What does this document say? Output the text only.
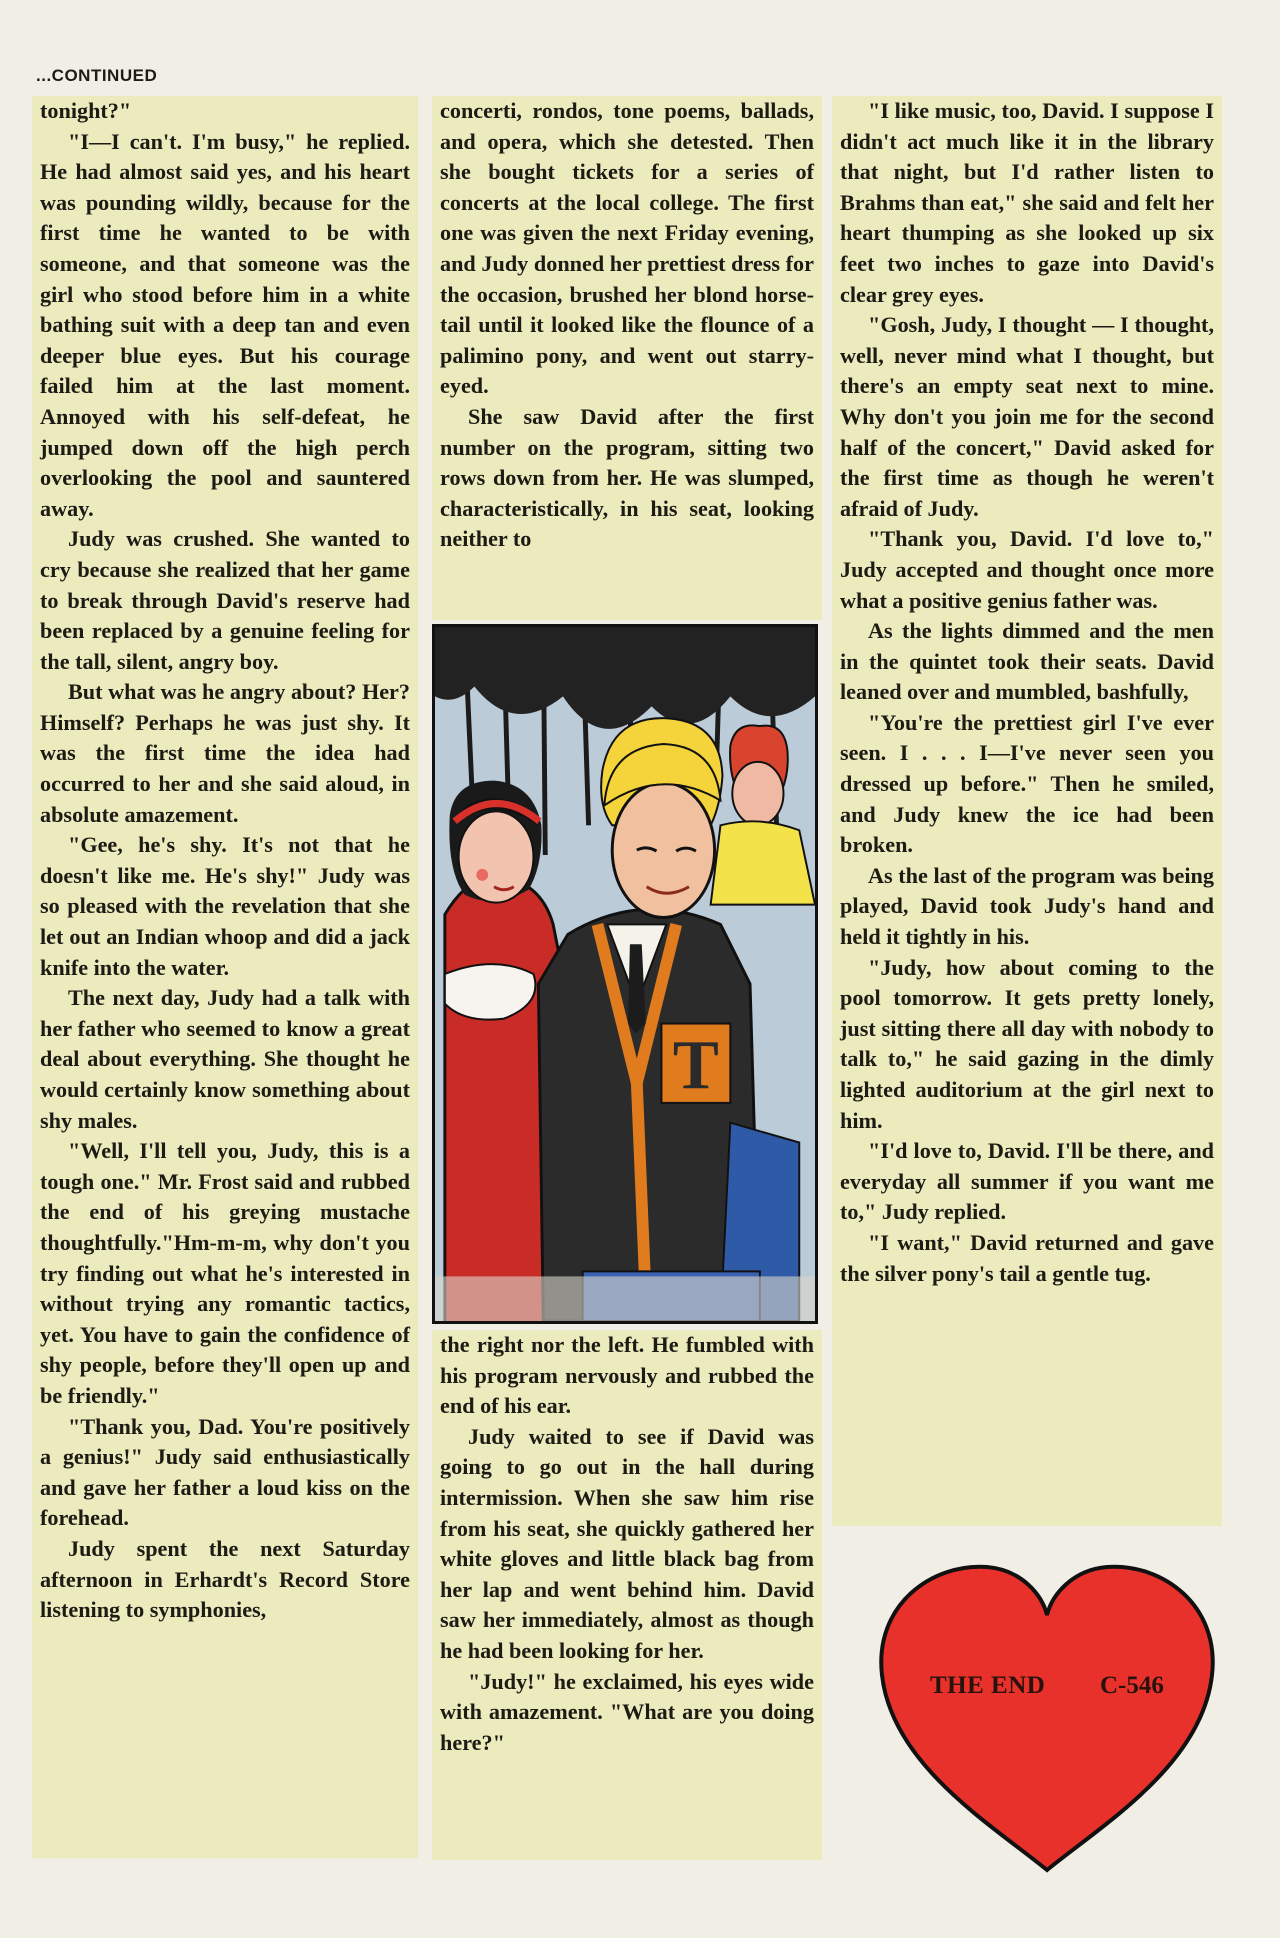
...CONTINUED

tonight?"

"I—I can't. I'm busy," he replied. He had almost said yes, and his heart was pounding wildly, because for the first time he wanted to be with someone, and that someone was the girl who stood before him in a white bathing suit with a deep tan and even deeper blue eyes. But his courage failed him at the last moment. Annoyed with his self-defeat, he jumped down off the high perch overlooking the pool and sauntered away.

Judy was crushed. She wanted to cry because she realized that her game to break through David's reserve had been replaced by a genuine feeling for the tall, silent, angry boy.

But what was he angry about? Her? Himself? Perhaps he was just shy. It was the first time the idea had occurred to her and she said aloud, in absolute amazement.

"Gee, he's shy. It's not that he doesn't like me. He's shy!" Judy was so pleased with the revelation that she let out an Indian whoop and did a jack knife into the water.

The next day, Judy had a talk with her father who seemed to know a great deal about everything. She thought he would certainly know something about shy males.

"Well, I'll tell you, Judy, this is a tough one." Mr. Frost said and rubbed the end of his greying mustache thoughtfully."Hm-m-m, why don't you try finding out what he's interested in without trying any romantic tactics, yet. You have to gain the confidence of shy people, before they'll open up and be friendly."

"Thank you, Dad. You're positively a genius!" Judy said enthusiastically and gave her father a loud kiss on the forehead.

Judy spent the next Saturday afternoon in Erhardt's Record Store listening to symphonies,

concerti, rondos, tone poems, ballads, and opera, which she detested. Then she bought tickets for a series of concerts at the local college. The first one was given the next Friday evening, and Judy donned her prettiest dress for the occasion, brushed her blond horse-tail until it looked like the flounce of a palimino pony, and went out starry-eyed.

She saw David after the first number on the program, sitting two rows down from her. He was slumped, characteristically, in his seat, looking neither to

T

the right nor the left. He fumbled with his program nervously and rubbed the end of his ear.

Judy waited to see if David was going to go out in the hall during intermission. When she saw him rise from his seat, she quickly gathered her white gloves and little black bag from her lap and went behind him. David saw her immediately, almost as though he had been looking for her.

"Judy!" he exclaimed, his eyes wide with amazement. "What are you doing here?"

"I like music, too, David. I suppose I didn't act much like it in the library that night, but I'd rather listen to Brahms than eat," she said and felt her heart thumping as she looked up six feet two inches to gaze into David's clear grey eyes.

"Gosh, Judy, I thought — I thought, well, never mind what I thought, but there's an empty seat next to mine. Why don't you join me for the second half of the concert," David asked for the first time as though he weren't afraid of Judy.

"Thank you, David. I'd love to," Judy accepted and thought once more what a positive genius father was.

As the lights dimmed and the men in the quintet took their seats. David leaned over and mumbled, bashfully,

"You're the prettiest girl I've ever seen. I . . . I—I've never seen you dressed up before." Then he smiled, and Judy knew the ice had been broken.

As the last of the program was being played, David took Judy's hand and held it tightly in his.

"Judy, how about coming to the pool tomorrow. It gets pretty lonely, just sitting there all day with nobody to talk to," he said gazing in the dimly lighted auditorium at the girl next to him.

"I'd love to, David. I'll be there, and everyday all summer if you want me to," Judy replied.

"I want," David returned and gave the silver pony's tail a gentle tug.

THE END C-546
